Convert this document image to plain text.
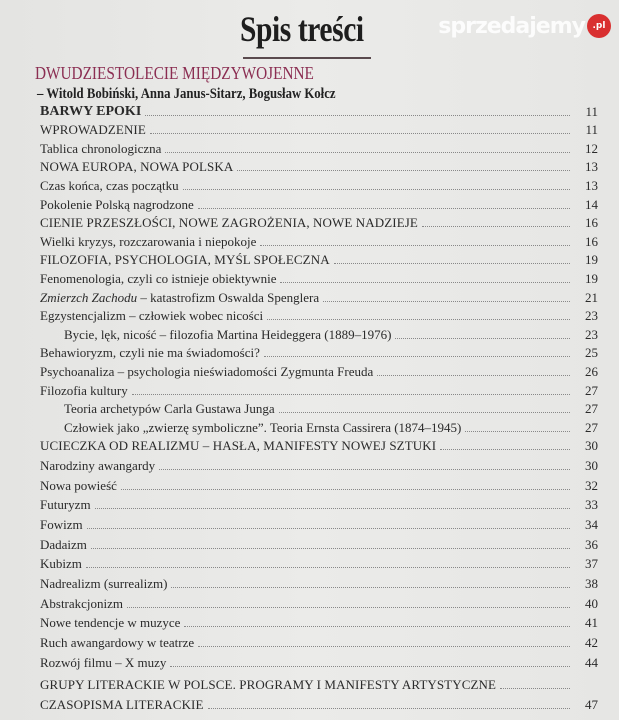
Spis treści
DWUDZIESTOLECIE MIĘDZYWOJENNE
– Witold Bobiński, Anna Janus-Sitarz, Bogusław Kołcz
BARWY EPOKI	11
WPROWADZENIE	11
Tablica chronologiczna	12
NOWA EUROPA, NOWA POLSKA	13
Czas końca, czas początku	13
Pokolenie Polską nagrodzone	14
CIENIE PRZESZŁOŚCI, NOWE ZAGROŻENIA, NOWE NADZIEJE	16
Wielki kryzys, rozczarowania i niepokoje	16
FILOZOFIA, PSYCHOLOGIA, MYŚL SPOŁECZNA	19
Fenomenologia, czyli co istnieje obiektywnie	19
Zmierzch Zachodu – katastrofizm Oswalda Spenglera	21
Egzystencjalizm – człowiek wobec nicości	23
Bycie, lęk, nicość – filozofia Martina Heideggera (1889–1976)	23
Behawioryzm, czyli nie ma świadomości?	25
Psychoanaliza – psychologia nieświadomości Zygmunta Freuda	26
Filozofia kultury	27
Teoria archetypów Carla Gustawa Junga	27
Człowiek jako „zwierzę symboliczne”. Teoria Ernsta Cassirera (1874–1945)	27
UCIECZKA OD REALIZMU – HASŁA, MANIFESTY NOWEJ SZTUKI	30
Narodziny awangardy	30
Nowa powieść	32
Futuryzm	33
Fowizm	34
Dadaizm	36
Kubizm	37
Nadrealizm (surrealizm)	38
Abstrakcjonizm	40
Nowe tendencje w muzyce	41
Ruch awangardowy w teatrze	42
Rozwój filmu – X muzy	44
GRUPY LITERACKIE W POLSCE. PROGRAMY I MANIFESTY ARTYSTYCZNE
CZASOPISMA LITERACKIE	47
sprzedajemy .pl
